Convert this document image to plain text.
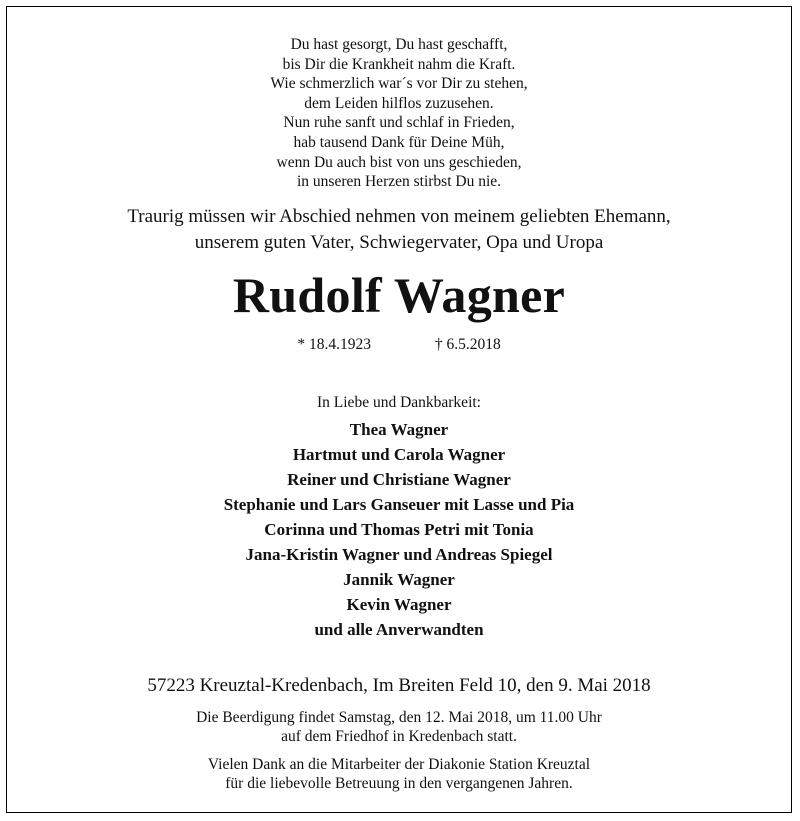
Du hast gesorgt, Du hast geschafft,
bis Dir die Krankheit nahm die Kraft.
Wie schmerzlich war´s vor Dir zu stehen,
dem Leiden hilflos zuzusehen.
Nun ruhe sanft und schlaf in Frieden,
hab tausend Dank für Deine Müh,
wenn Du auch bist von uns geschieden,
in unseren Herzen stirbst Du nie.
Traurig müssen wir Abschied nehmen von meinem geliebten Ehemann,
unserem guten Vater, Schwiegervater, Opa und Uropa
Rudolf Wagner
* 18.4.1923	† 6.5.2018
In Liebe und Dankbarkeit:
Thea Wagner
Hartmut und Carola Wagner
Reiner und Christiane Wagner
Stephanie und Lars Ganseuer mit Lasse und Pia
Corinna und Thomas Petri mit Tonia
Jana-Kristin Wagner und Andreas Spiegel
Jannik Wagner
Kevin Wagner
und alle Anverwandten
57223 Kreuztal-Kredenbach, Im Breiten Feld 10, den 9. Mai 2018
Die Beerdigung findet Samstag, den 12. Mai 2018, um 11.00 Uhr
auf dem Friedhof in Kredenbach statt.
Vielen Dank an die Mitarbeiter der Diakonie Station Kreuztal
für die liebevolle Betreuung in den vergangenen Jahren.
